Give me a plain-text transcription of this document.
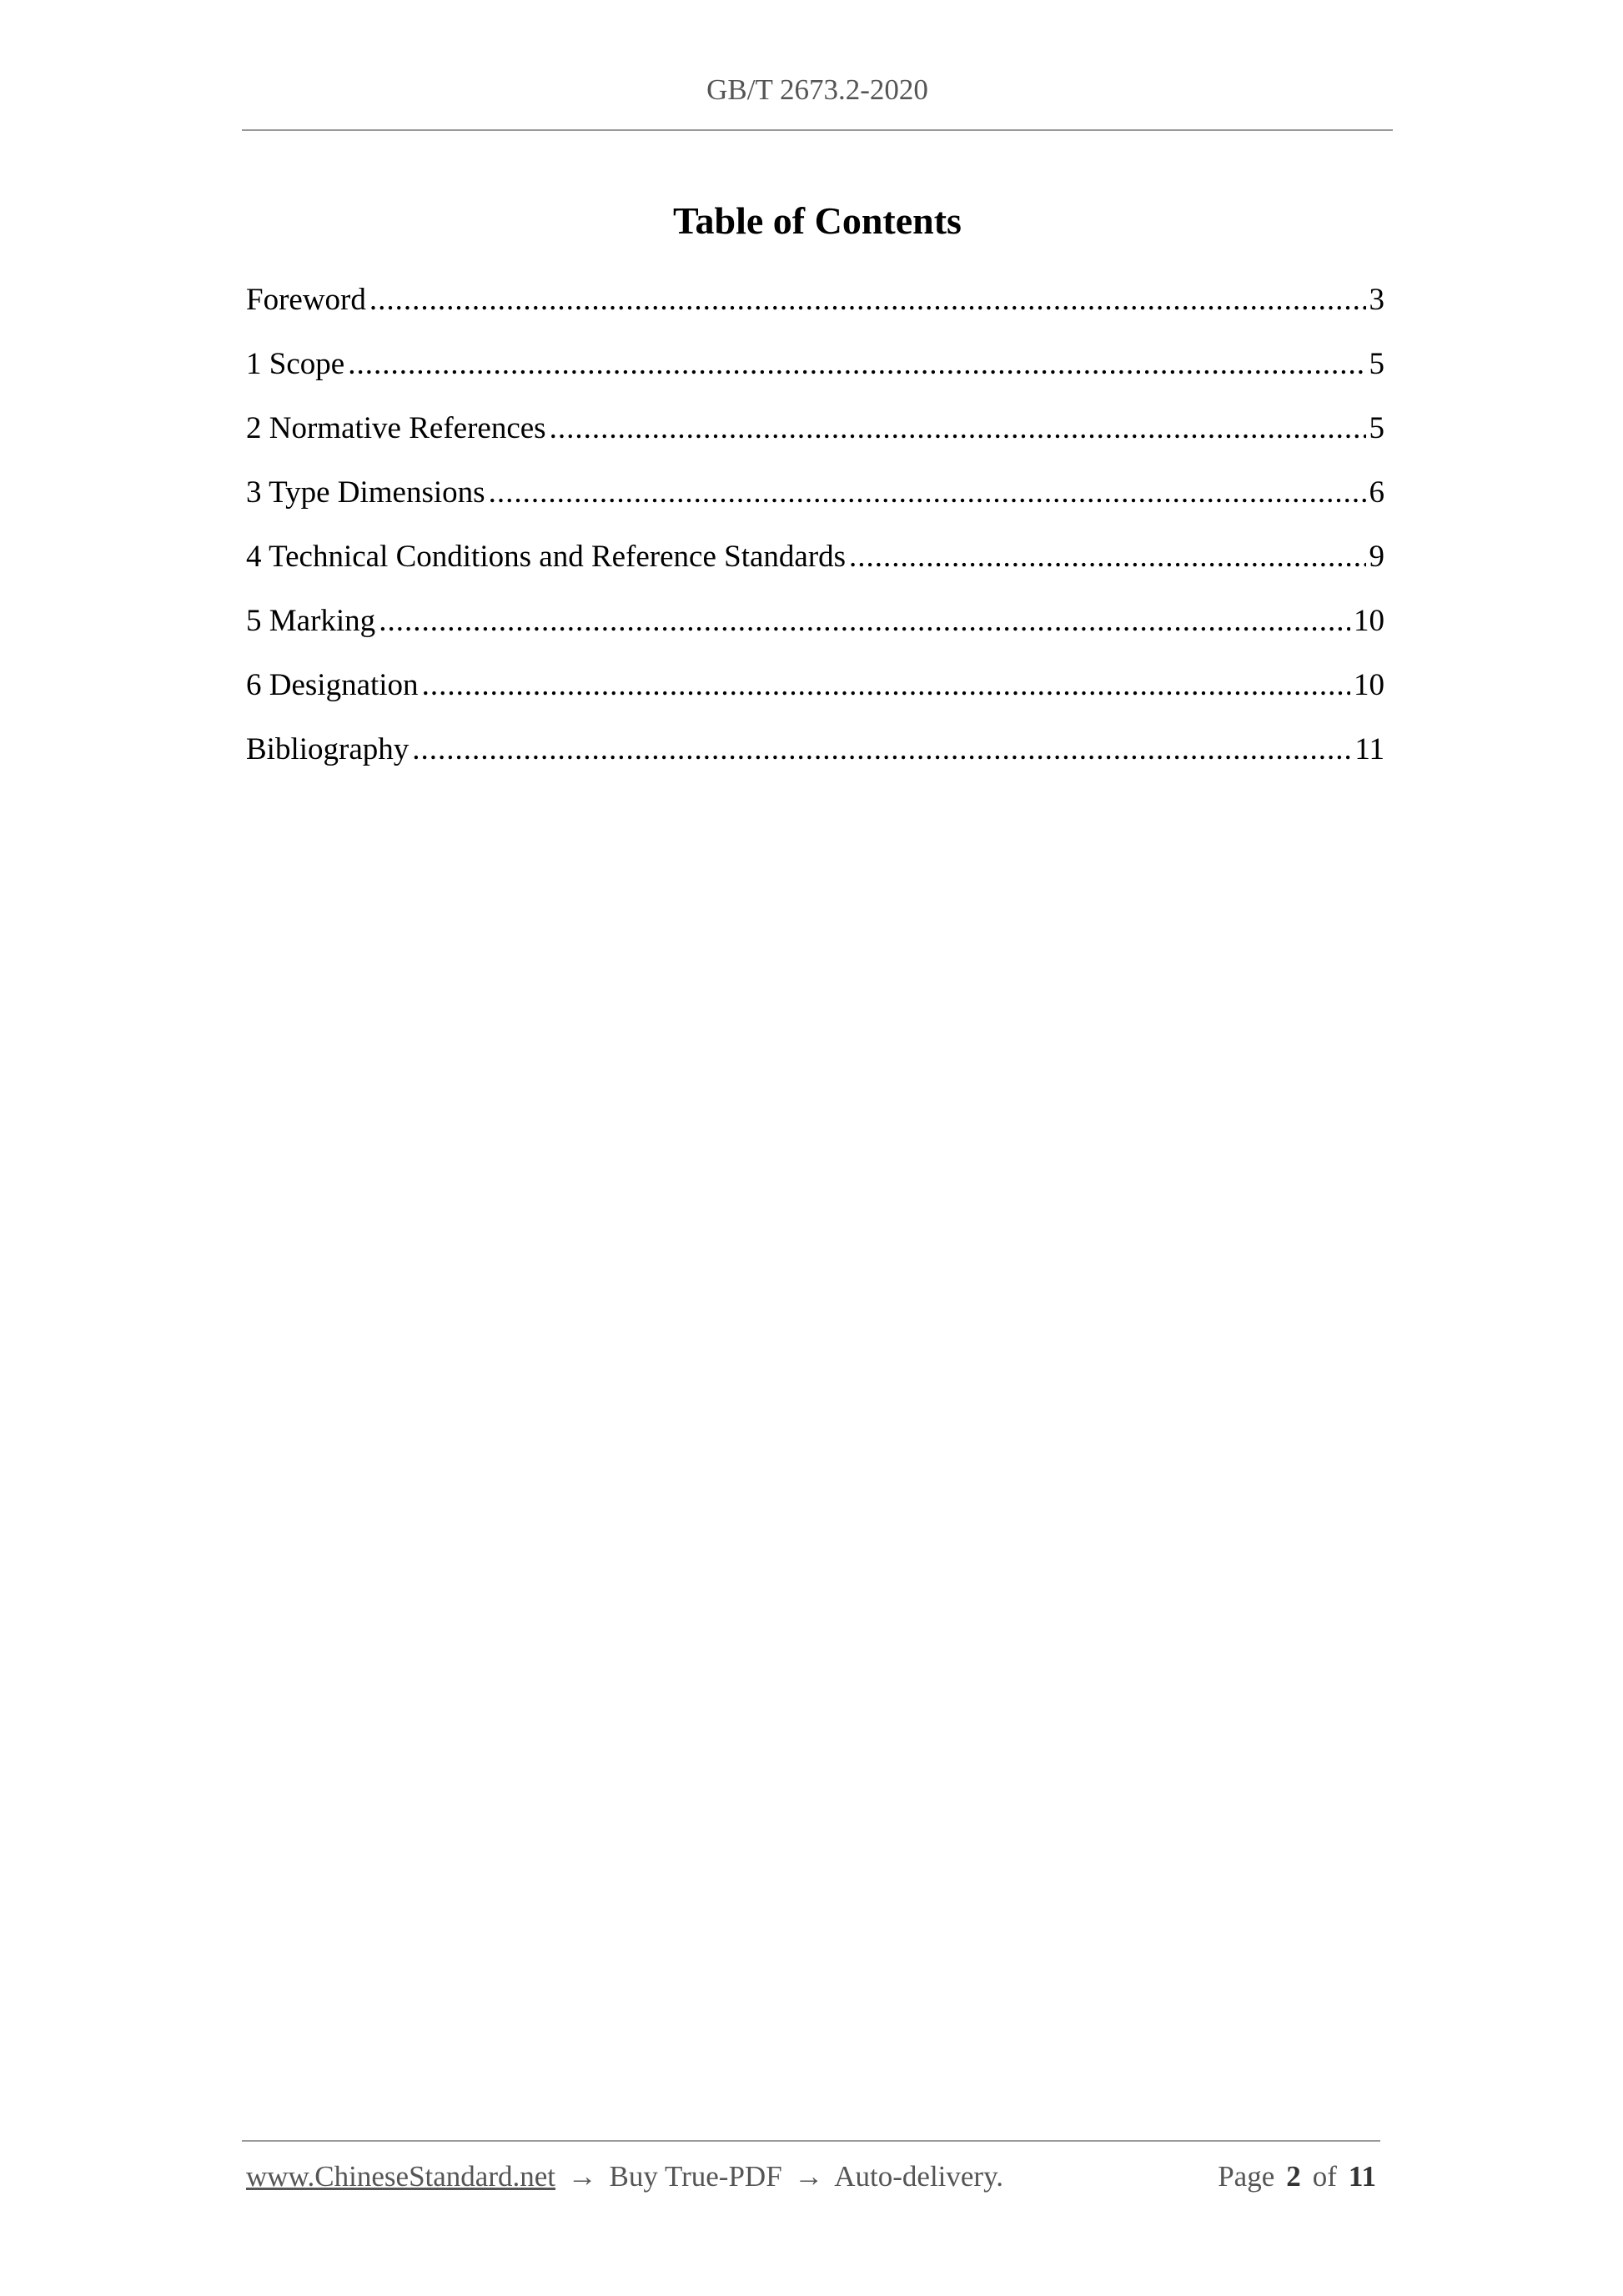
GB/T 2673.2-2020
Table of Contents
Foreword .....	3
1 Scope .....	5
2 Normative References .....	5
3 Type Dimensions .....	6
4 Technical Conditions and Reference Standards .....	9
5 Marking .....	10
6 Designation .....	10
Bibliography .....	11
www.ChineseStandard.net → Buy True-PDF → Auto-delivery.	Page 2 of 11
